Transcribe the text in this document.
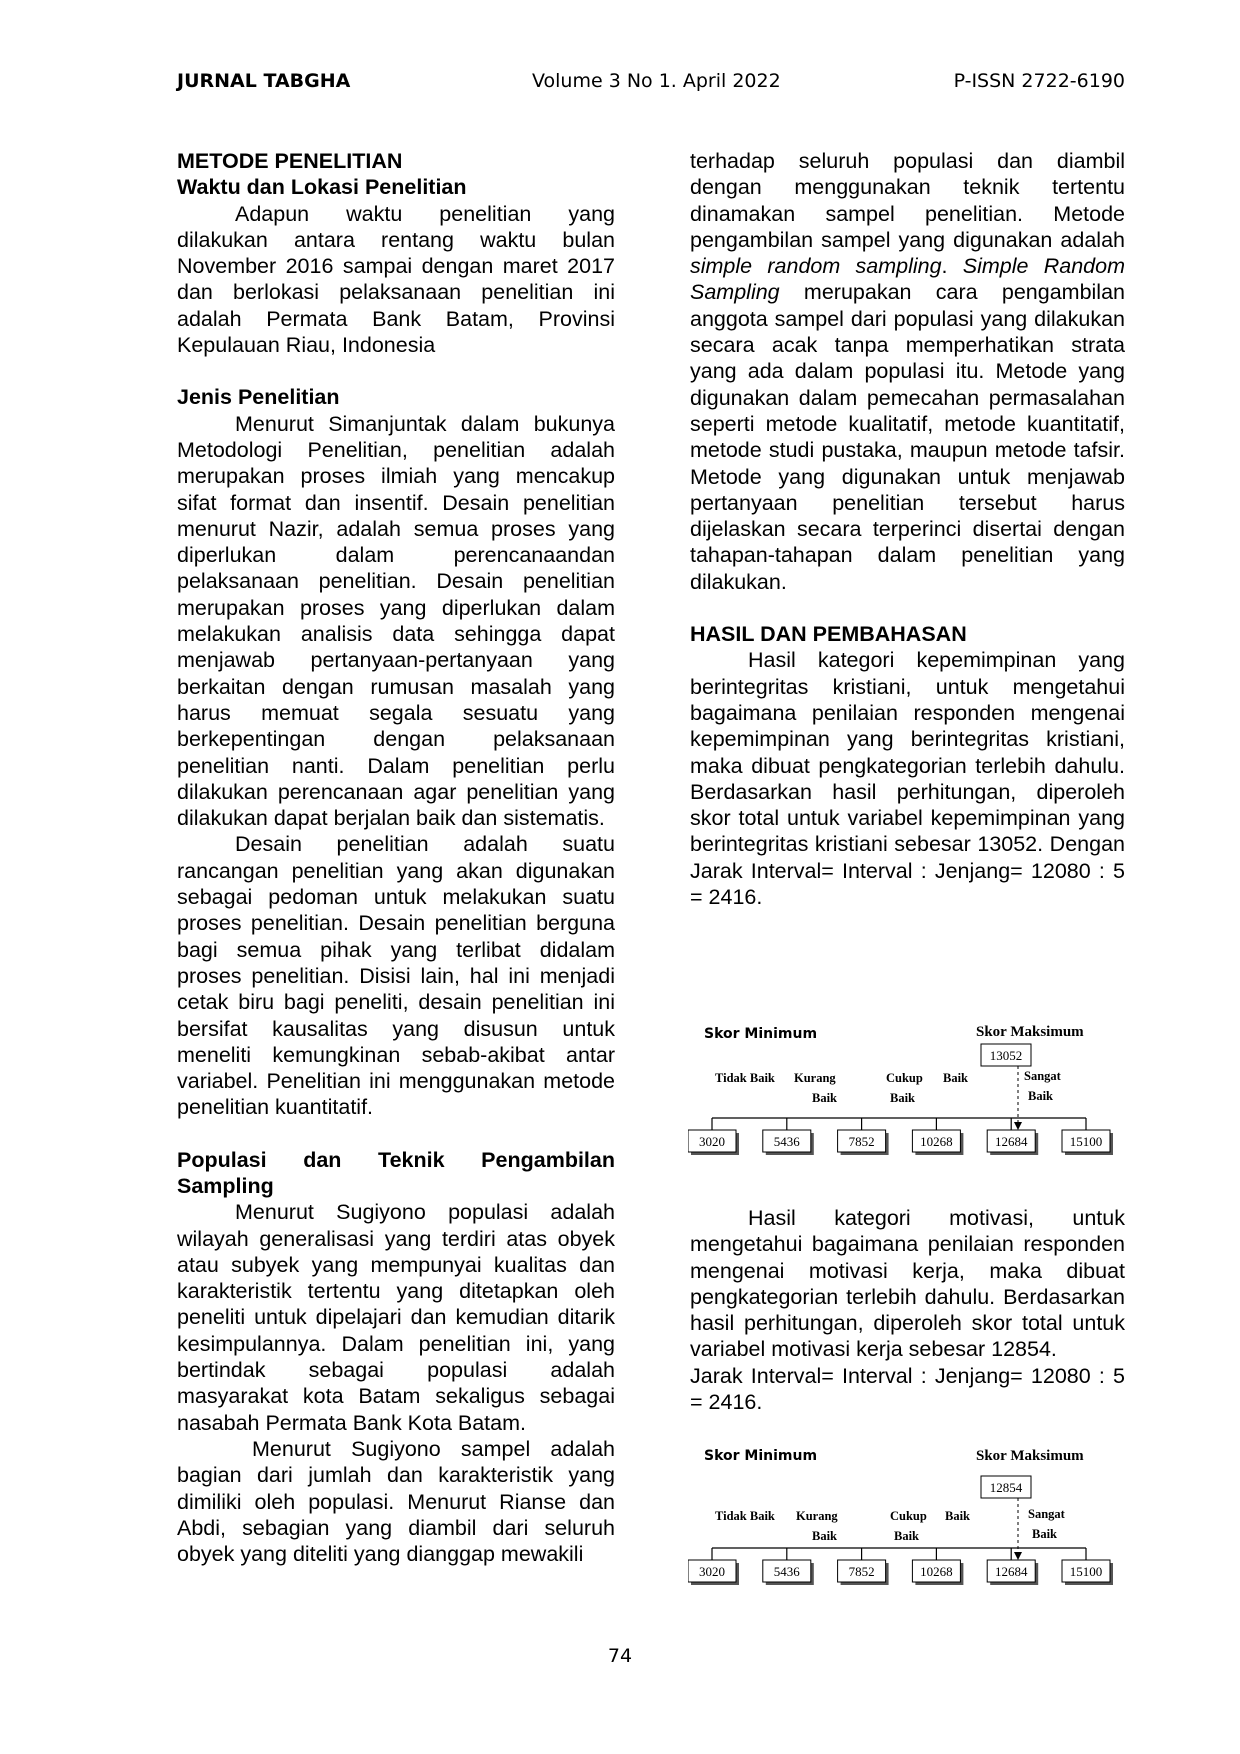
JURNAL TABGHA	Volume 3 No 1. April 2022	P-ISSN 2722-6190
METODE PENELITIAN
Waktu dan Lokasi Penelitian

Adapun waktu penelitian yang dilakukan antara rentang waktu bulan November 2016 sampai dengan maret 2017 dan berlokasi pelaksanaan penelitian ini adalah Permata Bank Batam, Provinsi Kepulauan Riau, Indonesia

Jenis Penelitian

Menurut Simanjuntak dalam bukunya Metodologi Penelitian, penelitian adalah merupakan proses ilmiah yang mencakup sifat format dan insentif. Desain penelitian menurut Nazir, adalah semua proses yang diperlukan dalam perencanaandan pelaksanaan penelitian. Desain penelitian merupakan proses yang diperlukan dalam melakukan analisis data sehingga dapat menjawab pertanyaan-pertanyaan yang berkaitan dengan rumusan masalah yang harus memuat segala sesuatu yang berkepentingan dengan pelaksanaan penelitian nanti. Dalam penelitian perlu dilakukan perencanaan agar penelitian yang dilakukan dapat berjalan baik dan sistematis.

Desain penelitian adalah suatu rancangan penelitian yang akan digunakan sebagai pedoman untuk melakukan suatu proses penelitian. Desain penelitian berguna bagi semua pihak yang terlibat didalam proses penelitian. Disisi lain, hal ini menjadi cetak biru bagi peneliti, desain penelitian ini bersifat kausalitas yang disusun untuk meneliti kemungkinan sebab-akibat antar variabel. Penelitian ini menggunakan metode penelitian kuantitatif.

Populasi dan Teknik Pengambilan Sampling

Menurut Sugiyono populasi adalah wilayah generalisasi yang terdiri atas obyek atau subyek yang mempunyai kualitas dan karakteristik tertentu yang ditetapkan oleh peneliti untuk dipelajari dan kemudian ditarik kesimpulannya. Dalam penelitian ini, yang bertindak sebagai populasi adalah masyarakat kota Batam sekaligus sebagai nasabah Permata Bank Kota Batam.

Menurut Sugiyono sampel adalah bagian dari jumlah dan karakteristik yang dimiliki oleh populasi. Menurut Rianse dan Abdi, sebagian yang diambil dari seluruh obyek yang diteliti yang dianggap mewakili

terhadap seluruh populasi dan diambil dengan menggunakan teknik tertentu dinamakan sampel penelitian. Metode pengambilan sampel yang digunakan adalah simple random sampling. Simple Random Sampling merupakan cara pengambilan anggota sampel dari populasi yang dilakukan secara acak tanpa memperhatikan strata yang ada dalam populasi itu. Metode yang digunakan dalam pemecahan permasalahan seperti metode kualitatif, metode kuantitatif, metode studi pustaka, maupun metode tafsir. Metode yang digunakan untuk menjawab pertanyaan penelitian tersebut harus dijelaskan secara terperinci disertai dengan tahapan-tahapan dalam penelitian yang dilakukan.

HASIL DAN PEMBAHASAN

Hasil kategori kepemimpinan yang berintegritas kristiani, untuk mengetahui bagaimana penilaian responden mengenai kepemimpinan yang berintegritas kristiani, maka dibuat pengkategorian terlebih dahulu. Berdasarkan hasil perhitungan, diperoleh skor total untuk variabel kepemimpinan yang berintegritas kristiani sebesar 13052. Dengan Jarak Interval= Interval : Jenjang= 12080 : 5 = 2416.

Skor Minimum	Skor Maksimum
13052
Tidak Baik Kurang
Baik
Cukup
Baik
Baik	Sangat
Baik
3020	5436	7852	10268	12684	15100

Hasil kategori motivasi, untuk mengetahui bagaimana penilaian responden mengenai motivasi kerja, maka dibuat pengkategorian terlebih dahulu. Berdasarkan hasil perhitungan, diperoleh skor total untuk variabel motivasi kerja sebesar 12854.

Jarak Interval= Interval : Jenjang= 12080 : 5 = 2416.

Skor Minimum	Skor Maksimum
12854
Tidak Baik Kurang
Baik
Cukup
Baik
Baik	Sangat
Baik
3020	5436	7852	10268	12684	15100
74
